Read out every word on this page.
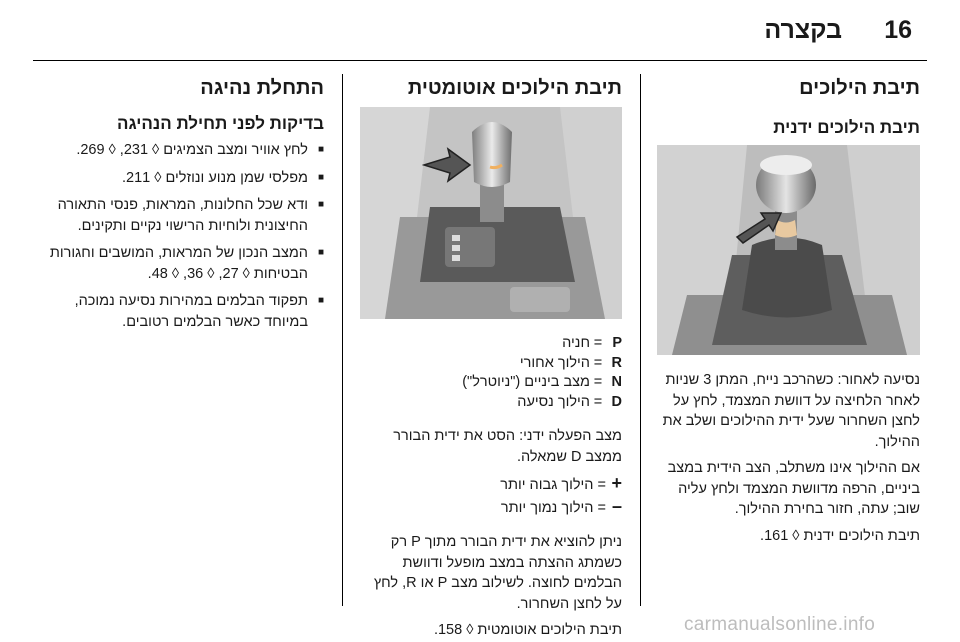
16
בקצרה
תיבת הילוכים
תיבת הילוכים ידנית
נסיעה לאחור: כשהרכב נייח, המתן 3 שניות לאחר הלחיצה על דוושת המצמד, לחץ על לחצן השחרור שעל ידית ההילוכים ושלב את ההילוך.
אם ההילוך אינו משתלב, הצב הידית במצב ביניים, הרפה מדוושת המצמד ולחץ עליה שוב; עתה, חזור בחירת ההילוך.
תיבת הילוכים ידנית ◊ 161.
תיבת הילוכים אוטומטית
P
=
חניה
R
=
הילוך אחורי
N
=
מצב ביניים ("ניוטרל")
D
=
הילוך נסיעה
מצב הפעלה ידני: הסט את ידית הבורר ממצב D שמאלה.
+= הילוך גבוה יותר
–= הילוך נמוך יותר
ניתן להוציא את ידית הבורר מתוך P רק כשמתג ההצתה במצב מופעל ודוושת הבלמים לחוצה. לשילוב מצב P או R, לחץ על לחצן השחרור.
תיבת הילוכים אוטומטית ◊ 158.
התחלת נהיגה
בדיקות לפני תחילת הנהיגה
■
לחץ אוויר ומצב הצמיגים ◊ 231, ◊ 269.
■
מפלסי שמן מנוע ונוזלים ◊ 211.
■
ודא שכל החלונות, המראות, פנסי התאורה החיצונית ולוחיות הרישוי נקיים ותקינים.
■
המצב הנכון של המראות, המושבים וחגורות הבטיחות ◊ 27, ◊ 36, ◊ 48.
■
תפקוד הבלמים במהירות נסיעה נמוכה, במיוחד כאשר הבלמים רטובים.
carmanualsonline.info
